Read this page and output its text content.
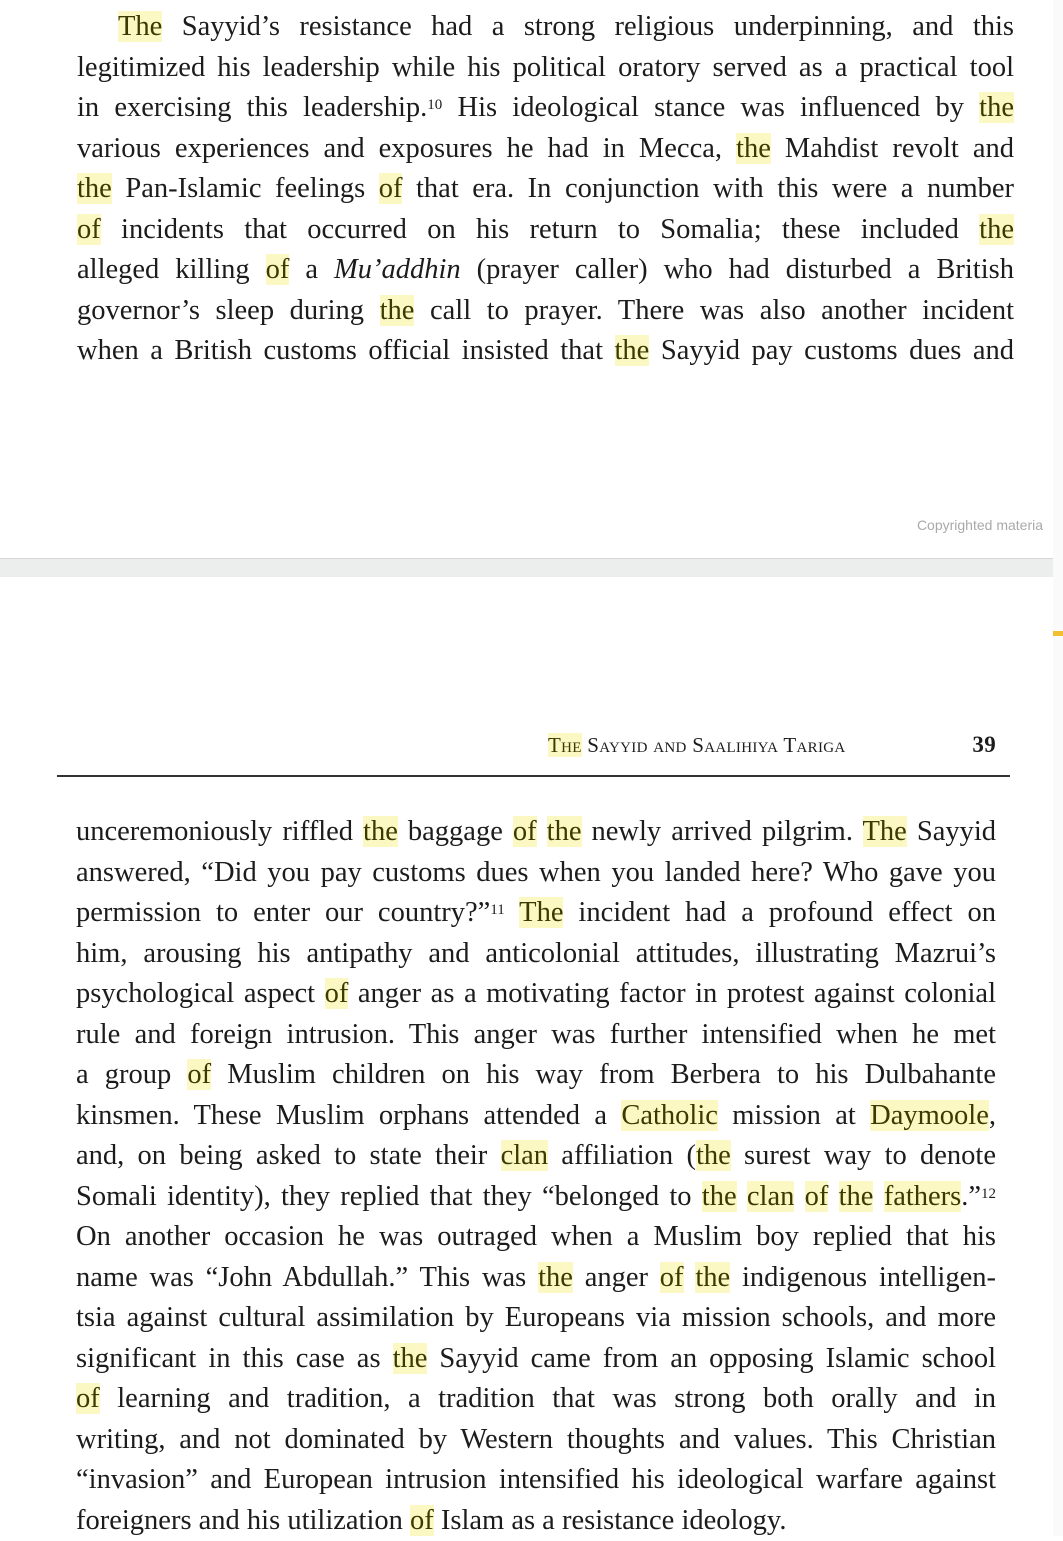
The Sayyid’s resistance had a strong religious underpinning, and this
legitimized his leadership while his political oratory served as a practical tool
in exercising this leadership.$^{10}$ His ideological stance was influenced by the
various experiences and exposures he had in Mecca, the Mahdist revolt and
the Pan-Islamic feelings of that era. In conjunction with this were a number
of incidents that occurred on his return to Somalia; these included the
alleged killing of a Mu’addhin (prayer caller) who had disturbed a British
governor’s sleep during the call to prayer. There was also another incident
when a British customs official insisted that the Sayyid pay customs dues and
Copyrighted materia
The Sayyid and Saalihiya Tariga	39
unceremoniously riffled the baggage of the newly arrived pilgrim. The Sayyid
answered, “Did you pay customs dues when you landed here? Who gave you
permission to enter our country?”$^{11}$ The incident had a profound effect on
him, arousing his antipathy and anticolonial attitudes, illustrating Mazrui’s
psychological aspect of anger as a motivating factor in protest against colonial
rule and foreign intrusion. This anger was further intensified when he met
a group of Muslim children on his way from Berbera to his Dulbahante
kinsmen. These Muslim orphans attended a Catholic mission at Daymoole,
and, on being asked to state their clan affiliation (the surest way to denote
Somali identity), they replied that they “belonged to the clan of the fathers.”$^{12}$
On another occasion he was outraged when a Muslim boy replied that his
name was “John Abdullah.” This was the anger of the indigenous intelligen-
tsia against cultural assimilation by Europeans via mission schools, and more
significant in this case as the Sayyid came from an opposing Islamic school
of learning and tradition, a tradition that was strong both orally and in
writing, and not dominated by Western thoughts and values. This Christian
“invasion” and European intrusion intensified his ideological warfare against
foreigners and his utilization of Islam as a resistance ideology.
